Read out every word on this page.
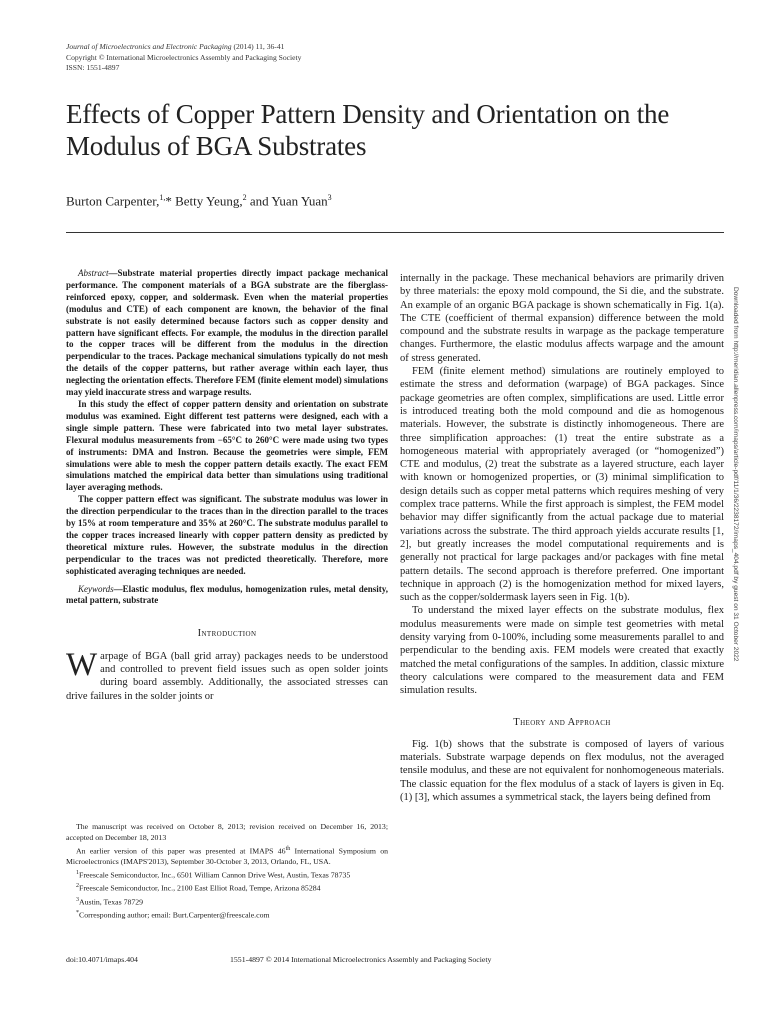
Journal of Microelectronics and Electronic Packaging (2014) 11, 36-41
Copyright © International Microelectronics Assembly and Packaging Society
ISSN: 1551-4897
Effects of Copper Pattern Density and Orientation on the Modulus of BGA Substrates
Burton Carpenter,$^{1,}$* Betty Yeung,$^2$ and Yuan Yuan$^3$

Abstract—Substrate material properties directly impact package mechanical performance. The component materials of a BGA substrate are the fiberglass-reinforced epoxy, copper, and soldermask. Even when the material properties (modulus and CTE) of each component are known, the behavior of the final substrate is not easily determined because factors such as copper density and pattern have significant effects. For example, the modulus in the direction parallel to the copper traces will be different from the modulus in the direction perpendicular to the traces. Package mechanical simulations typically do not mesh the details of the copper patterns, but rather average within each layer, thus neglecting the orientation effects. Therefore FEM (finite element model) simulations may yield inaccurate stress and warpage results.

In this study the effect of copper pattern density and orientation on substrate modulus was examined. Eight different test patterns were designed, each with a single simple pattern. These were fabricated into two metal layer substrates. Flexural modulus measurements from −65°C to 260°C were made using two types of instruments: DMA and Instron. Because the geometries were simple, FEM simulations were able to mesh the copper pattern details exactly. The exact FEM simulations matched the empirical data better than simulations using traditional layer averaging methods.

The copper pattern effect was significant. The substrate modulus was lower in the direction perpendicular to the traces than in the direction parallel to the traces by 15% at room temperature and 35% at 260°C. The substrate modulus parallel to the copper traces increased linearly with copper pattern density as predicted by theoretical mixture rules. However, the substrate modulus in the direction perpendicular to the traces was not predicted theoretically. Therefore, more sophisticated averaging techniques are needed.

Keywords—Elastic modulus, flex modulus, homogenization rules, metal density, metal pattern, substrate

Introduction

Warpage of BGA (ball grid array) packages needs to be understood and controlled to prevent field issues such as open solder joints during board assembly. Additionally, the associated stresses can drive failures in the solder joints or

The manuscript was received on October 8, 2013; revision received on December 16, 2013; accepted on December 18, 2013

An earlier version of this paper was presented at IMAPS 46th International Symposium on Microelectronics (IMAPS'2013), September 30-October 3, 2013, Orlando, FL, USA.

$^1$Freescale Semiconductor, Inc., 6501 William Cannon Drive West, Austin, Texas 78735

$^2$Freescale Semiconductor, Inc., 2100 East Elliot Road, Tempe, Arizona 85284

$^3$Austin, Texas 78729

*Corresponding author; email: Burt.Carpenter@freescale.com

internally in the package. These mechanical behaviors are primarily driven by three materials: the epoxy mold compound, the Si die, and the substrate. An example of an organic BGA package is shown schematically in Fig. 1(a). The CTE (coefficient of thermal expansion) difference between the mold compound and the substrate results in warpage as the package temperature changes. Furthermore, the elastic modulus affects warpage and the amount of stress generated.

FEM (finite element method) simulations are routinely employed to estimate the stress and deformation (warpage) of BGA packages. Since package geometries are often complex, simplifications are used. Little error is introduced treating both the mold compound and die as homogenous materials. However, the substrate is distinctly inhomogeneous. There are three simplification approaches: (1) treat the entire substrate as a homogeneous material with appropriately averaged (or “homogenized”) CTE and modulus, (2) treat the substrate as a layered structure, each layer with known or homogenized properties, or (3) minimal simplification to design details such as copper metal patterns which requires meshing of very complex trace patterns. While the first approach is simplest, the FEM model behavior may differ significantly from the actual package due to material variations across the substrate. The third approach yields accurate results [1, 2], but greatly increases the model computational requirements and is generally not practical for large packages and/or packages with fine metal pattern details. The second approach is therefore preferred. One important technique in approach (2) is the homogenization method for mixed layers, such as the copper/soldermask layers seen in Fig. 1(b).

To understand the mixed layer effects on the substrate modulus, flex modulus measurements were made on simple test geometries with metal density varying from 0-100%, including some measurements parallel to and perpendicular to the bending axis. FEM models were created that exactly matched the metal configurations of the samples. In addition, classic mixture theory calculations were compared to the measurement data and FEM simulation results.

Theory and Approach

Fig. 1(b) shows that the substrate is composed of layers of various materials. Substrate warpage depends on flex modulus, not the averaged tensile modulus, and these are not equivalent for nonhomogeneous materials. The classic equation for the flex modulus of a stack of layers is given in Eq. (1) [3], which assumes a symmetrical stack, the layers being defined from

doi:10.4071/imaps.404	1551-4897 © 2014 International Microelectronics Assembly and Packaging Society
Downloaded from http://meridian.allenpress.com/imaps/article-pdf/11/1/36/2238172/imaps_404.pdf by guest on 31 October 2022
